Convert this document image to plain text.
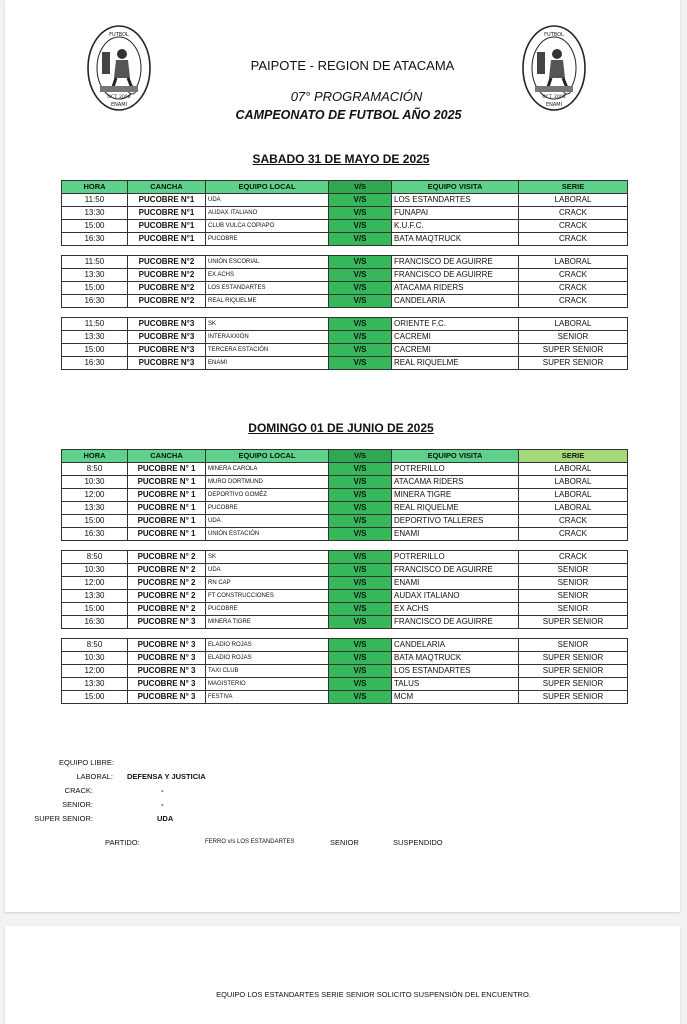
FUTBOL
OCT. 2008
ENAMI
FUTBOL
OCT. 2008
ENAMI
PAIPOTE - REGION DE ATACAMA
07° PROGRAMACIÓN
CAMPEONATO DE FUTBOL AÑO 2025
SABADO 31 DE MAYO DE 2025
HORA	CANCHA	EQUIPO LOCAL	V/S	EQUIPO VISITA	SERIE
11:50	PUCOBRE N°1	UDA	V/S	LOS ESTANDARTES	LABORAL
13:30	PUCOBRE N°1	AUDAX ITALIANO	V/S	FUNAPAI	CRACK
15:00	PUCOBRE N°1	CLUB VULCA COPIAPO	V/S	K.U.F.C.	CRACK
16:30	PUCOBRE N°1	PUCOBRE	V/S	BATA MAQTRUCK	CRACK

11:50	PUCOBRE N°2	UNIÓN ESCORIAL	V/S	FRANCISCO DE AGUIRRE	LABORAL
13:30	PUCOBRE N°2	EX ACHS	V/S	FRANCISCO DE AGUIRRE	CRACK
15:00	PUCOBRE N°2	LOS ESTANDARTES	V/S	ATACAMA RIDERS	CRACK
16:30	PUCOBRE N°2	REAL RIQUELME	V/S	CANDELARIA	CRACK

11:50	PUCOBRE N°3	SK	V/S	ORIENTE F.C.	LABORAL
13:30	PUCOBRE N°3	INTERAXXIÓN	V/S	CACREMI	SENIOR
15:00	PUCOBRE N°3	TERCERA ESTACIÓN	V/S	CACREMI	SUPER SENIOR
16:30	PUCOBRE N°3	ENAMI	V/S	REAL RIQUELME	SUPER SENIOR
DOMINGO 01 DE JUNIO DE 2025
HORA	CANCHA	EQUIPO LOCAL	V/S	EQUIPO VISITA	SERIE
8:50	PUCOBRE N° 1	MINERA CAROLA	V/S	POTRERILLO	LABORAL
10:30	PUCOBRE N° 1	MURO DORTMUND	V/S	ATACAMA RIDERS	LABORAL
12:00	PUCOBRE N° 1	DEPORTIVO GOMÉZ	V/S	MINERA TIGRE	LABORAL
13:30	PUCOBRE N° 1	PUCOBRE	V/S	REAL RIQUELME	LABORAL
15:00	PUCOBRE N° 1	UDA	V/S	DEPORTIVO TALLERES	CRACK
16:30	PUCOBRE N° 1	UNIÓN ESTACIÓN	V/S	ENAMI	CRACK

8:50	PUCOBRE N° 2	SK	V/S	POTRERILLO	CRACK
10:30	PUCOBRE N° 2	UDA	V/S	FRANCISCO DE AGUIRRE	SENIOR
12:00	PUCOBRE N° 2	RN CAP	V/S	ENAMI	SENIOR
13:30	PUCOBRE N° 2	FT CONSTRUCCIONES	V/S	AUDAX ITALIANO	SENIOR
15:00	PUCOBRE N° 2	PUCOBRE	V/S	EX ACHS	SENIOR
16:30	PUCOBRE N° 3	MINERA TIGRE	V/S	FRANCISCO DE AGUIRRE	SUPER SENIOR

8:50	PUCOBRE N° 3	ELADIO ROJAS	V/S	CANDELARIA	SENIOR
10:30	PUCOBRE N° 3	ELADIO ROJAS	V/S	BATA MAQTRUCK	SUPER SENIOR
12:00	PUCOBRE N° 3	TAXI CLUB	V/S	LOS ESTANDARTES	SUPER SENIOR
13:30	PUCOBRE N° 3	MAGISTERIO	V/S	TALUS	SUPER SENIOR
15:00	PUCOBRE N° 3	FESTIVA	V/S	MCM	SUPER SENIOR
EQUIPO LIBRE:
LABORAL: DEFENSA Y JUSTICIA
CRACK:	-
SENIOR:	-
SUPER SENIOR:	UDA
PARTIDO:	FERRO v/s LOS ESTANDARTES	SENIOR	SUSPENDIDO
EQUIPO LOS ESTANDARTES SERIE SENIOR SOLICITO SUSPENSIÓN DEL ENCUENTRO.
